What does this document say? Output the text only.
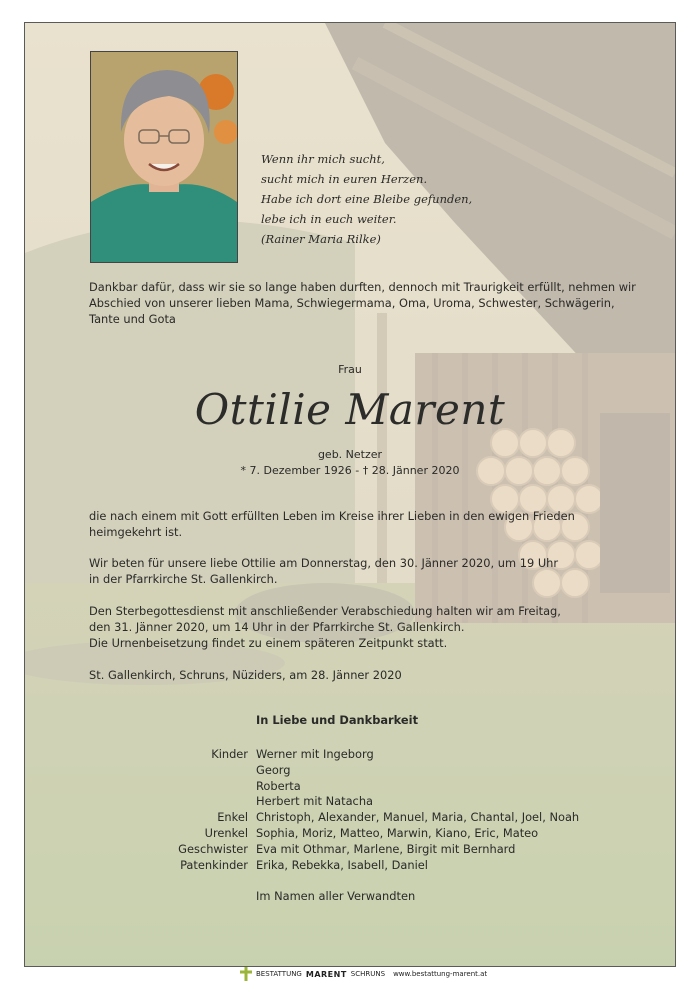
Wenn ihr mich sucht,
sucht mich in euren Herzen.
Habe ich dort eine Bleibe gefunden,
lebe ich in euch weiter.
(Rainer Maria Rilke)
Dankbar dafür, dass wir sie so lange haben durften, dennoch mit Traurigkeit erfüllt, nehmen wir
Abschied von unserer lieben Mama, Schwiegermama, Oma, Uroma, Schwester, Schwägerin,
Tante und Gota
Frau
Ottilie Marent
geb. Netzer
* 7. Dezember 1926 - † 28. Jänner 2020
die nach einem mit Gott erfüllten Leben im Kreise ihrer Lieben in den ewigen Frieden
heimgekehrt ist.
Wir beten für unsere liebe Ottilie am Donnerstag, den 30. Jänner 2020, um 19 Uhr
in der Pfarrkirche St. Gallenkirch.
Den Sterbegottesdienst mit anschließender Verabschiedung halten wir am Freitag,
den 31. Jänner 2020, um 14 Uhr in der Pfarrkirche St. Gallenkirch.
Die Urnenbeisetzung findet zu einem späteren Zeitpunkt statt.
St. Gallenkirch, Schruns, Nüziders, am 28. Jänner 2020
In Liebe und Dankbarkeit
Kinder Werner mit Ingeborg
Georg
Roberta
Herbert mit Natacha
Enkel Christoph, Alexander, Manuel, Maria, Chantal, Joel, Noah
Urenkel Sophia, Moriz, Matteo, Marwin, Kiano, Eric, Mateo
Geschwister Eva mit Othmar, Marlene, Birgit mit Bernhard
Patenkinder Erika, Rebekka, Isabell, Daniel
Im Namen aller Verwandten
BESTATTUNG MARENT SCHRUNS www.bestattung-marent.at
